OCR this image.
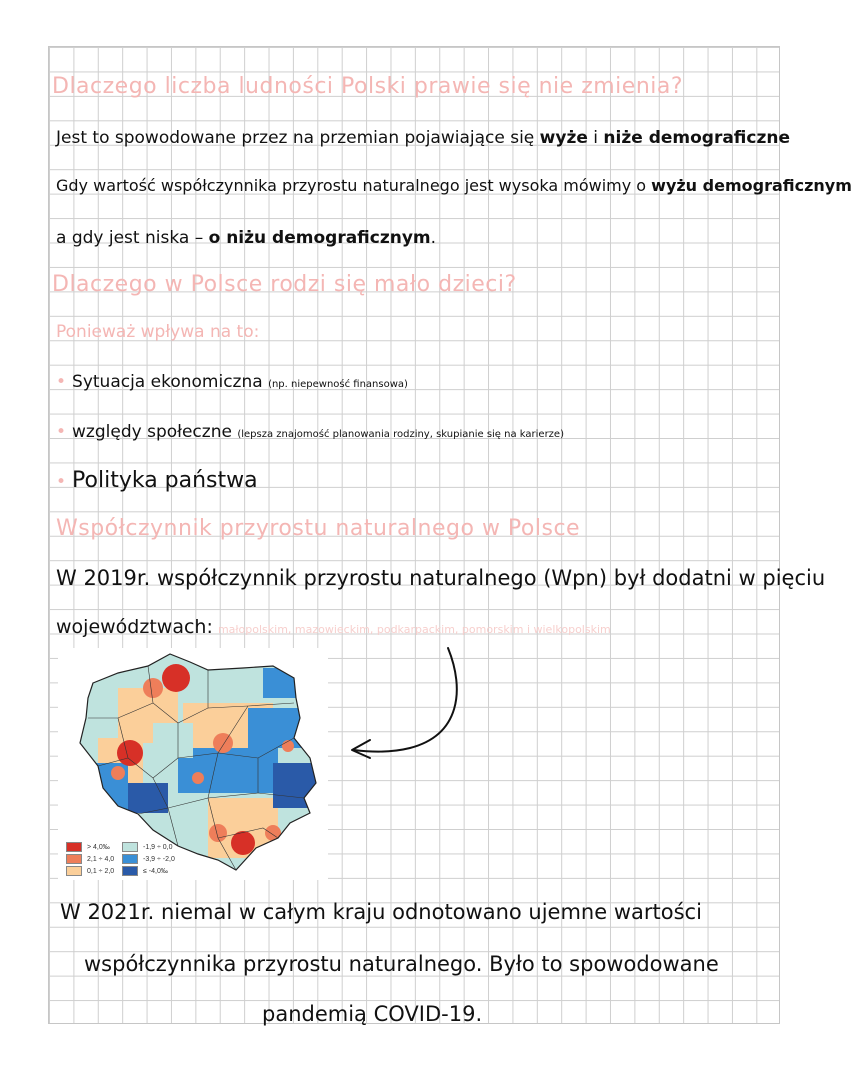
Dlaczego liczba ludności Polski prawie się nie zmienia?
Jest to spowodowane przez na przemian pojawiające się wyże i niże demograficzne
Gdy wartość współczynnika przyrostu naturalnego jest wysoka mówimy o wyżu demograficznym
a gdy jest niska – o niżu demograficznym.
Dlaczego w Polsce rodzi się mało dzieci?
Ponieważ wpływa na to:
• Sytuacja ekonomiczna (np. niepewność finansowa)
• względy społeczne (lepsza znajomość planowania rodziny, skupianie się na karierze)
• Polityka państwa
Współczynnik przyrostu naturalnego w Polsce
W 2019r. współczynnik przyrostu naturalnego (Wpn) był dodatni w pięciu
województwach: małopolskim, mazowieckim, podkarpackim, pomorskim i wielkopolskim
> 4,0‰
2,1 ÷ 4,0
0,1 ÷ 2,0
-1,9 ÷ 0,0
-3,9 ÷ -2,0
≤ -4,0‰
W 2021r. niemal w całym kraju odnotowano ujemne wartości
współczynnika przyrostu naturalnego. Było to spowodowane
pandemią COVID-19.
